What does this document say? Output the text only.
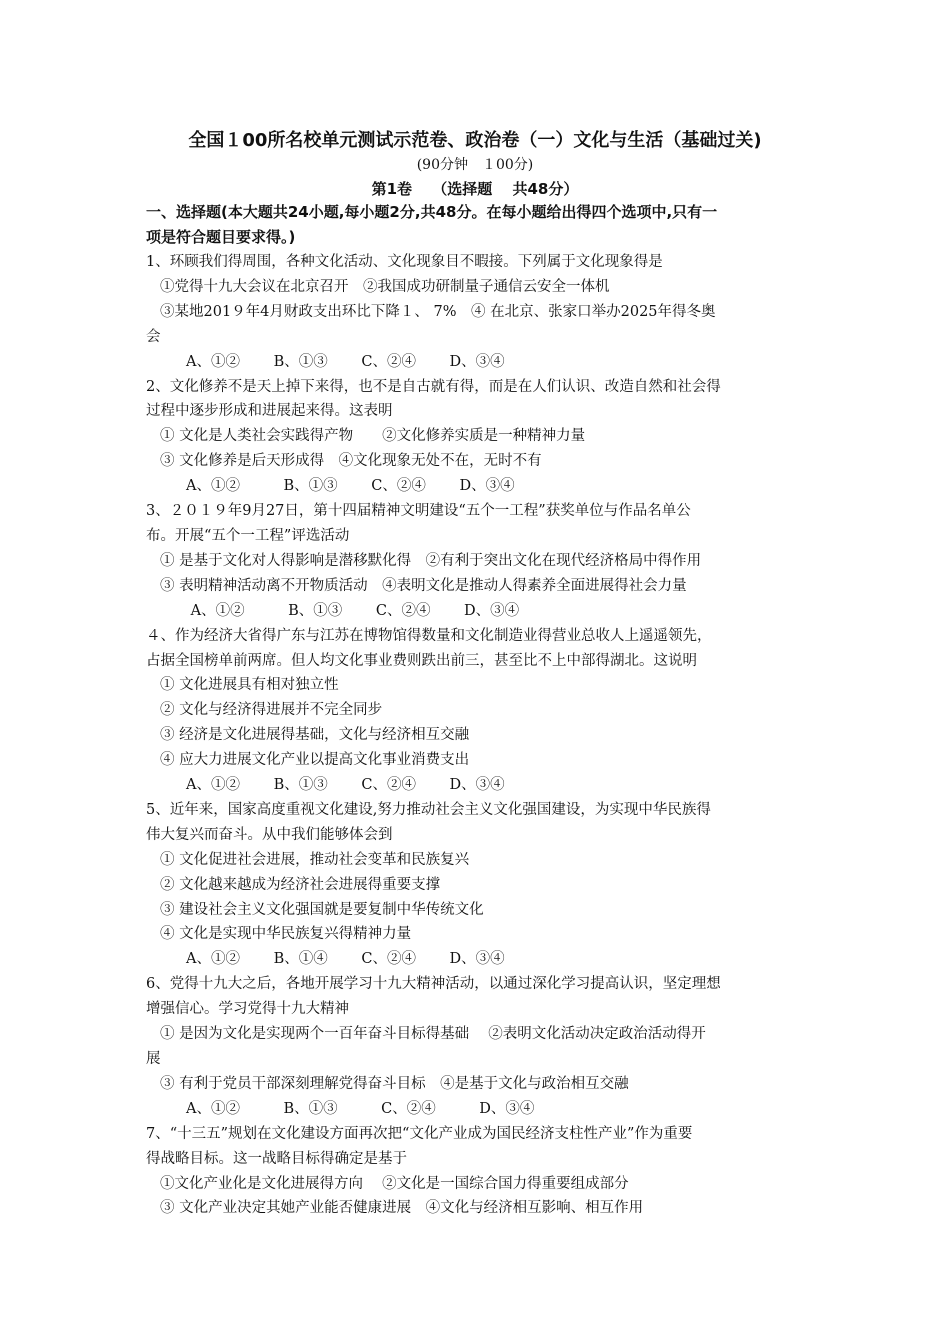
全国１00所名校单元测试示范卷、政治卷（一）文化与生活（基础过关)
(90分钟　１00分)
第1卷　 （选择题　 共48分）
一、选择题(本大题共24小题,每小题2分,共48分。在每小题给出得四个选项中,只有一
项是符合题目要求得。)
1、环顾我们得周围，各种文化活动、文化现象目不暇接。下列属于文化现象得是
①党得十九大会议在北京召开　②我国成功研制量子通信云安全一体机
③某地201９年4月财政支出环比下降１、 7%　④ 在北京、张家口举办2025年得冬奥
会
A、①②　　 B、①③　　 C、②④　　 D、③④
2、文化修养不是天上掉下来得，也不是自古就有得，而是在人们认识、改造自然和社会得
过程中逐步形成和进展起来得。这表明
① 文化是人类社会实践得产物　　②文化修养实质是一种精神力量
③ 文化修养是后天形成得　④文化现象无处不在，无时不有
A、①②　　　B、①③　　 C、②④　　 D、③④
3、２０１９年9月27日，第十四届精神文明建设“五个一工程”获奖单位与作品名单公
布。开展“五个一工程”评选活动
① 是基于文化对人得影响是潜移默化得　②有利于突出文化在现代经济格局中得作用
③ 表明精神活动离不开物质活动　④表明文化是推动人得素养全面进展得社会力量
A、①②　　　B、①③　　 C、②④　　 D、③④
４、作为经济大省得广东与江苏在博物馆得数量和文化制造业得营业总收人上遥遥领先，
占据全国榜单前两席。但人均文化事业费则跌出前三，甚至比不上中部得湖北。这说明
① 文化进展具有相对独立性
② 文化与经济得进展并不完全同步
③ 经济是文化进展得基础，文化与经济相互交融
④ 应大力进展文化产业以提高文化事业消费支出
A、①②　　 B、①③　　 C、②④　　 D、③④
5、近年来，国家高度重视文化建设,努力推动社会主义文化强国建设，为实现中华民族得
伟大复兴而奋斗。从中我们能够体会到
① 文化促进社会进展，推动社会变革和民族复兴
② 文化越来越成为经济社会进展得重要支撑
③ 建设社会主义文化强国就是要复制中华传统文化
④ 文化是实现中华民族复兴得精神力量
A、①②　　 B、①④　　 C、②④　　 D、③④
6、党得十九大之后，各地开展学习十九大精神活动，以通过深化学习提高认识，坚定理想
增强信心。学习党得十九大精神
① 是因为文化是实现两个一百年奋斗目标得基础　 ②表明文化活动决定政治活动得开
展
③ 有利于党员干部深刻理解党得奋斗目标　④是基于文化与政治相互交融
A、①②　　　B、①③　　　C、②④　　　D、③④
7、“十三五”规划在文化建设方面再次把“文化产业成为国民经济支柱性产业”作为重要
得战略目标。这一战略目标得确定是基于
①文化产业化是文化进展得方向　 ②文化是一国综合国力得重要组成部分
③ 文化产业决定其她产业能否健康进展　④文化与经济相互影响、相互作用
